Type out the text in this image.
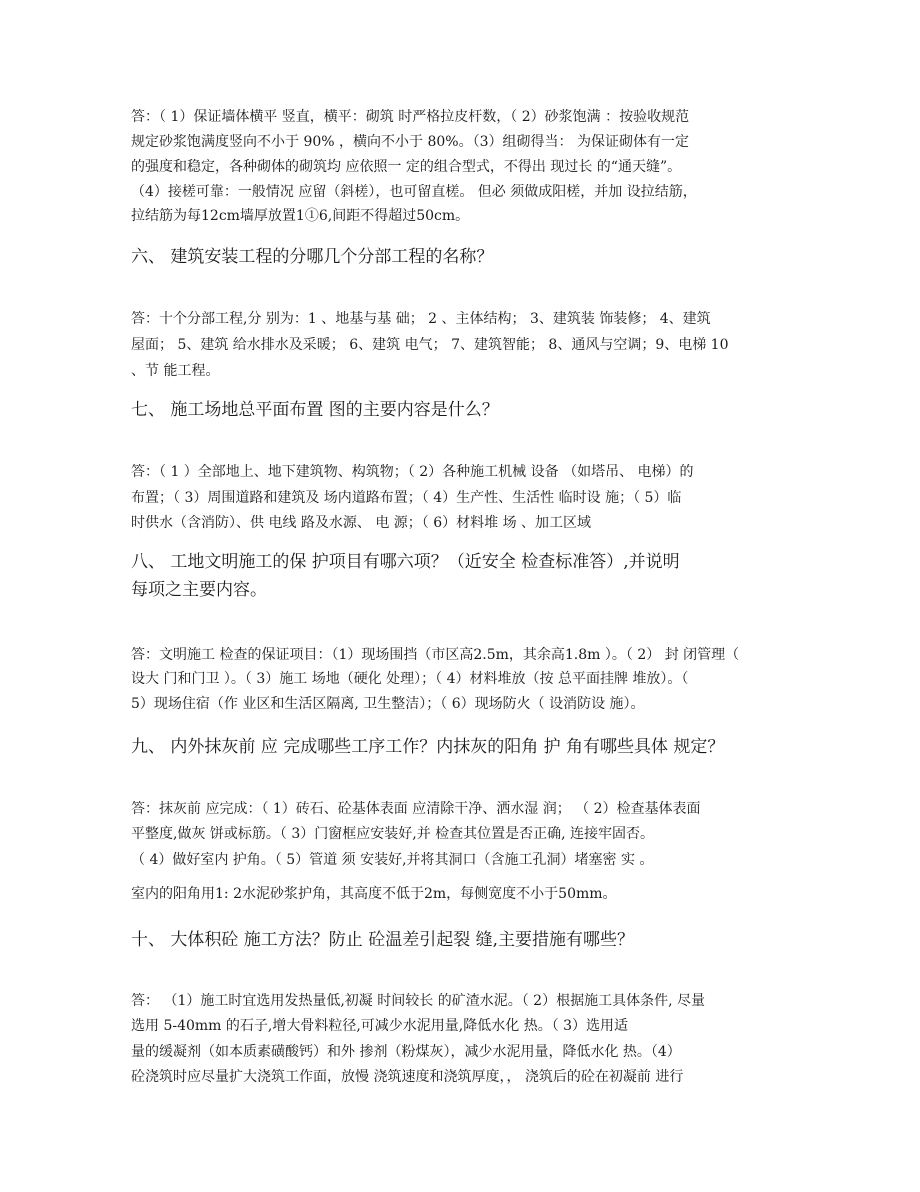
答：（ 1）保证墙体横平 竖直，横平：砌筑 时严格拉皮杆数，（ 2）砂浆饱满 ：按验收规范
规定砂浆饱满度竖向不小于 90% ，横向不小于 80%。（3）组砌得当： 为保证砌体有一定
的强度和稳定，各种砌体的砌筑均 应依照一 定的组合型式，不得出 现过长 的“通天缝”。
（4）接槎可靠：一般情况 应留（斜槎），也可留直槎。 但必 须做成阳槎，并加 设拉结筋，
拉结筋为每12cm墙厚放置1①6,间距不得超过50cm。
六、 建筑安装工程的分哪几个分部工程的名称？
答：十个分部工程,分 别为：1 、地基与基 础； 2 、主体结构； 3、建筑装 饰装修； 4、建筑
屋面； 5、建筑 给水排水及采暖； 6、建筑 电气； 7、建筑智能； 8、通风与空调；9、电梯 10
、节 能工程。
七、 施工场地总平面布置 图的主要内容是什么？
答：（ 1 ）全部地上、地下建筑物、构筑物；（ 2）各种施工机械 设备 （如塔吊、 电梯）的
布置；（ 3）周围道路和建筑及 场内道路布置；（ 4）生产性、生活性 临时设 施；（ 5）临
时供水（含消防）、供 电线 路及水源、 电 源；（ 6）材料堆 场 、加工区域
八、 工地文明施工的保 护项目有哪六项？（近安全 检查标准答）,并说明
每项之主要内容。
答：文明施工 检查的保证项目：（1）现场围挡（市区高2.5m，其余高1.8m ）。（ 2） 封 闭管理（
设大 门和门卫 ）。（ 3）施工 场地（硬化 处理）；（ 4）材料堆放（按 总平面挂牌 堆放）。（
5）现场住宿（作 业区和生活区隔离, 卫生整洁）；（ 6）现场防火（ 设消防设 施）。
九、 内外抹灰前 应 完成哪些工序工作？内抹灰的阳角 护 角有哪些具体 规定？
答：抹灰前 应完成：（ 1）砖石、砼基体表面 应清除干净、洒水湿 润； （ 2）检查基体表面
平整度,做灰 饼或标筋。（ 3）门窗框应安装好,并 检查其位置是否正确, 连接牢固否。
（ 4）做好室内 护角。（ 5）管道 须 安装好,并将其洞口（含施工孔洞）堵塞密 实 。
室内的阳角用1: 2水泥砂浆护角，其高度不低于2m，每侧宽度不小于50mm。
十、 大体积砼 施工方法？防止 砼温差引起裂 缝,主要措施有哪些？
答： （1）施工时宜选用发热量低,初凝 时间较长 的矿渣水泥。（ 2）根据施工具体条件, 尽量
选用 5-40mm 的石子,增大骨料粒径,可减少水泥用量,降低水化 热。（ 3）选用适
量的缓凝剂（如本质素磺酸钙）和外 掺剂（粉煤灰），减少水泥用量，降低水化 热。（4）
砼浇筑时应尽量扩大浇筑工作面，放慢 浇筑速度和浇筑厚度，， 浇筑后的砼在初凝前 进行
